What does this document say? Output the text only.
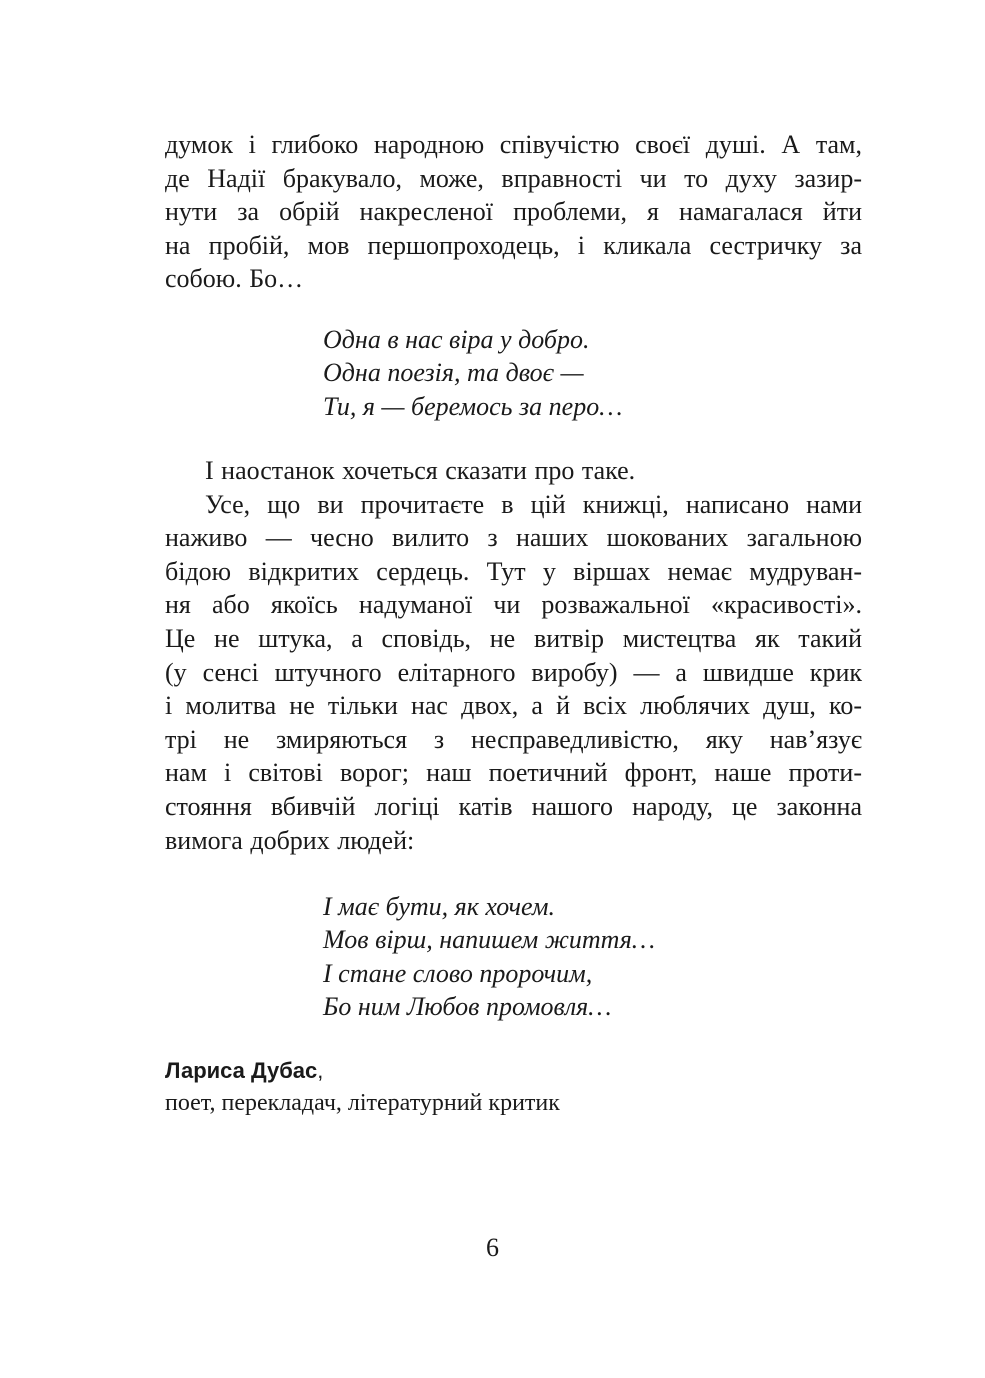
думок і глибоко народною співучістю своєї душі. А там,
де Надії бракувало, може, вправності чи то духу зазир-
нути за обрій накресленої проблеми, я намагалася йти
на пробій, мов першопроходець, і кликала сестричку за
собою. Бо…
Одна в нас віра у добро.
Одна поезія, та двоє —
Ти, я — беремось за перо…
І наостанок хочеться сказати про таке.
Усе, що ви прочитаєте в цій книжці, написано нами
наживо — чесно вилито з наших шокованих загальною
бідою відкритих сердець. Тут у віршах немає мудруван-
ня або якоїсь надуманої чи розважальної «красивості».
Це не штука, а сповідь, не витвір мистецтва як такий
(у сенсі штучного елітарного виробу) — а швидше крик
і молитва не тільки нас двох, а й всіх люблячих душ, ко-
трі не змиряються з несправедливістю, яку нав’язує
нам і світові ворог; наш поетичний фронт, наше проти-
стояння вбивчій логіці катів нашого народу, це законна
вимога добрих людей:
І має бути, як хочем.
Мов вірш, напишем життя…
І стане слово пророчим,
Бо ним Любов промовля…
Лариса Дубас,
поет, перекладач, літературний критик
6
